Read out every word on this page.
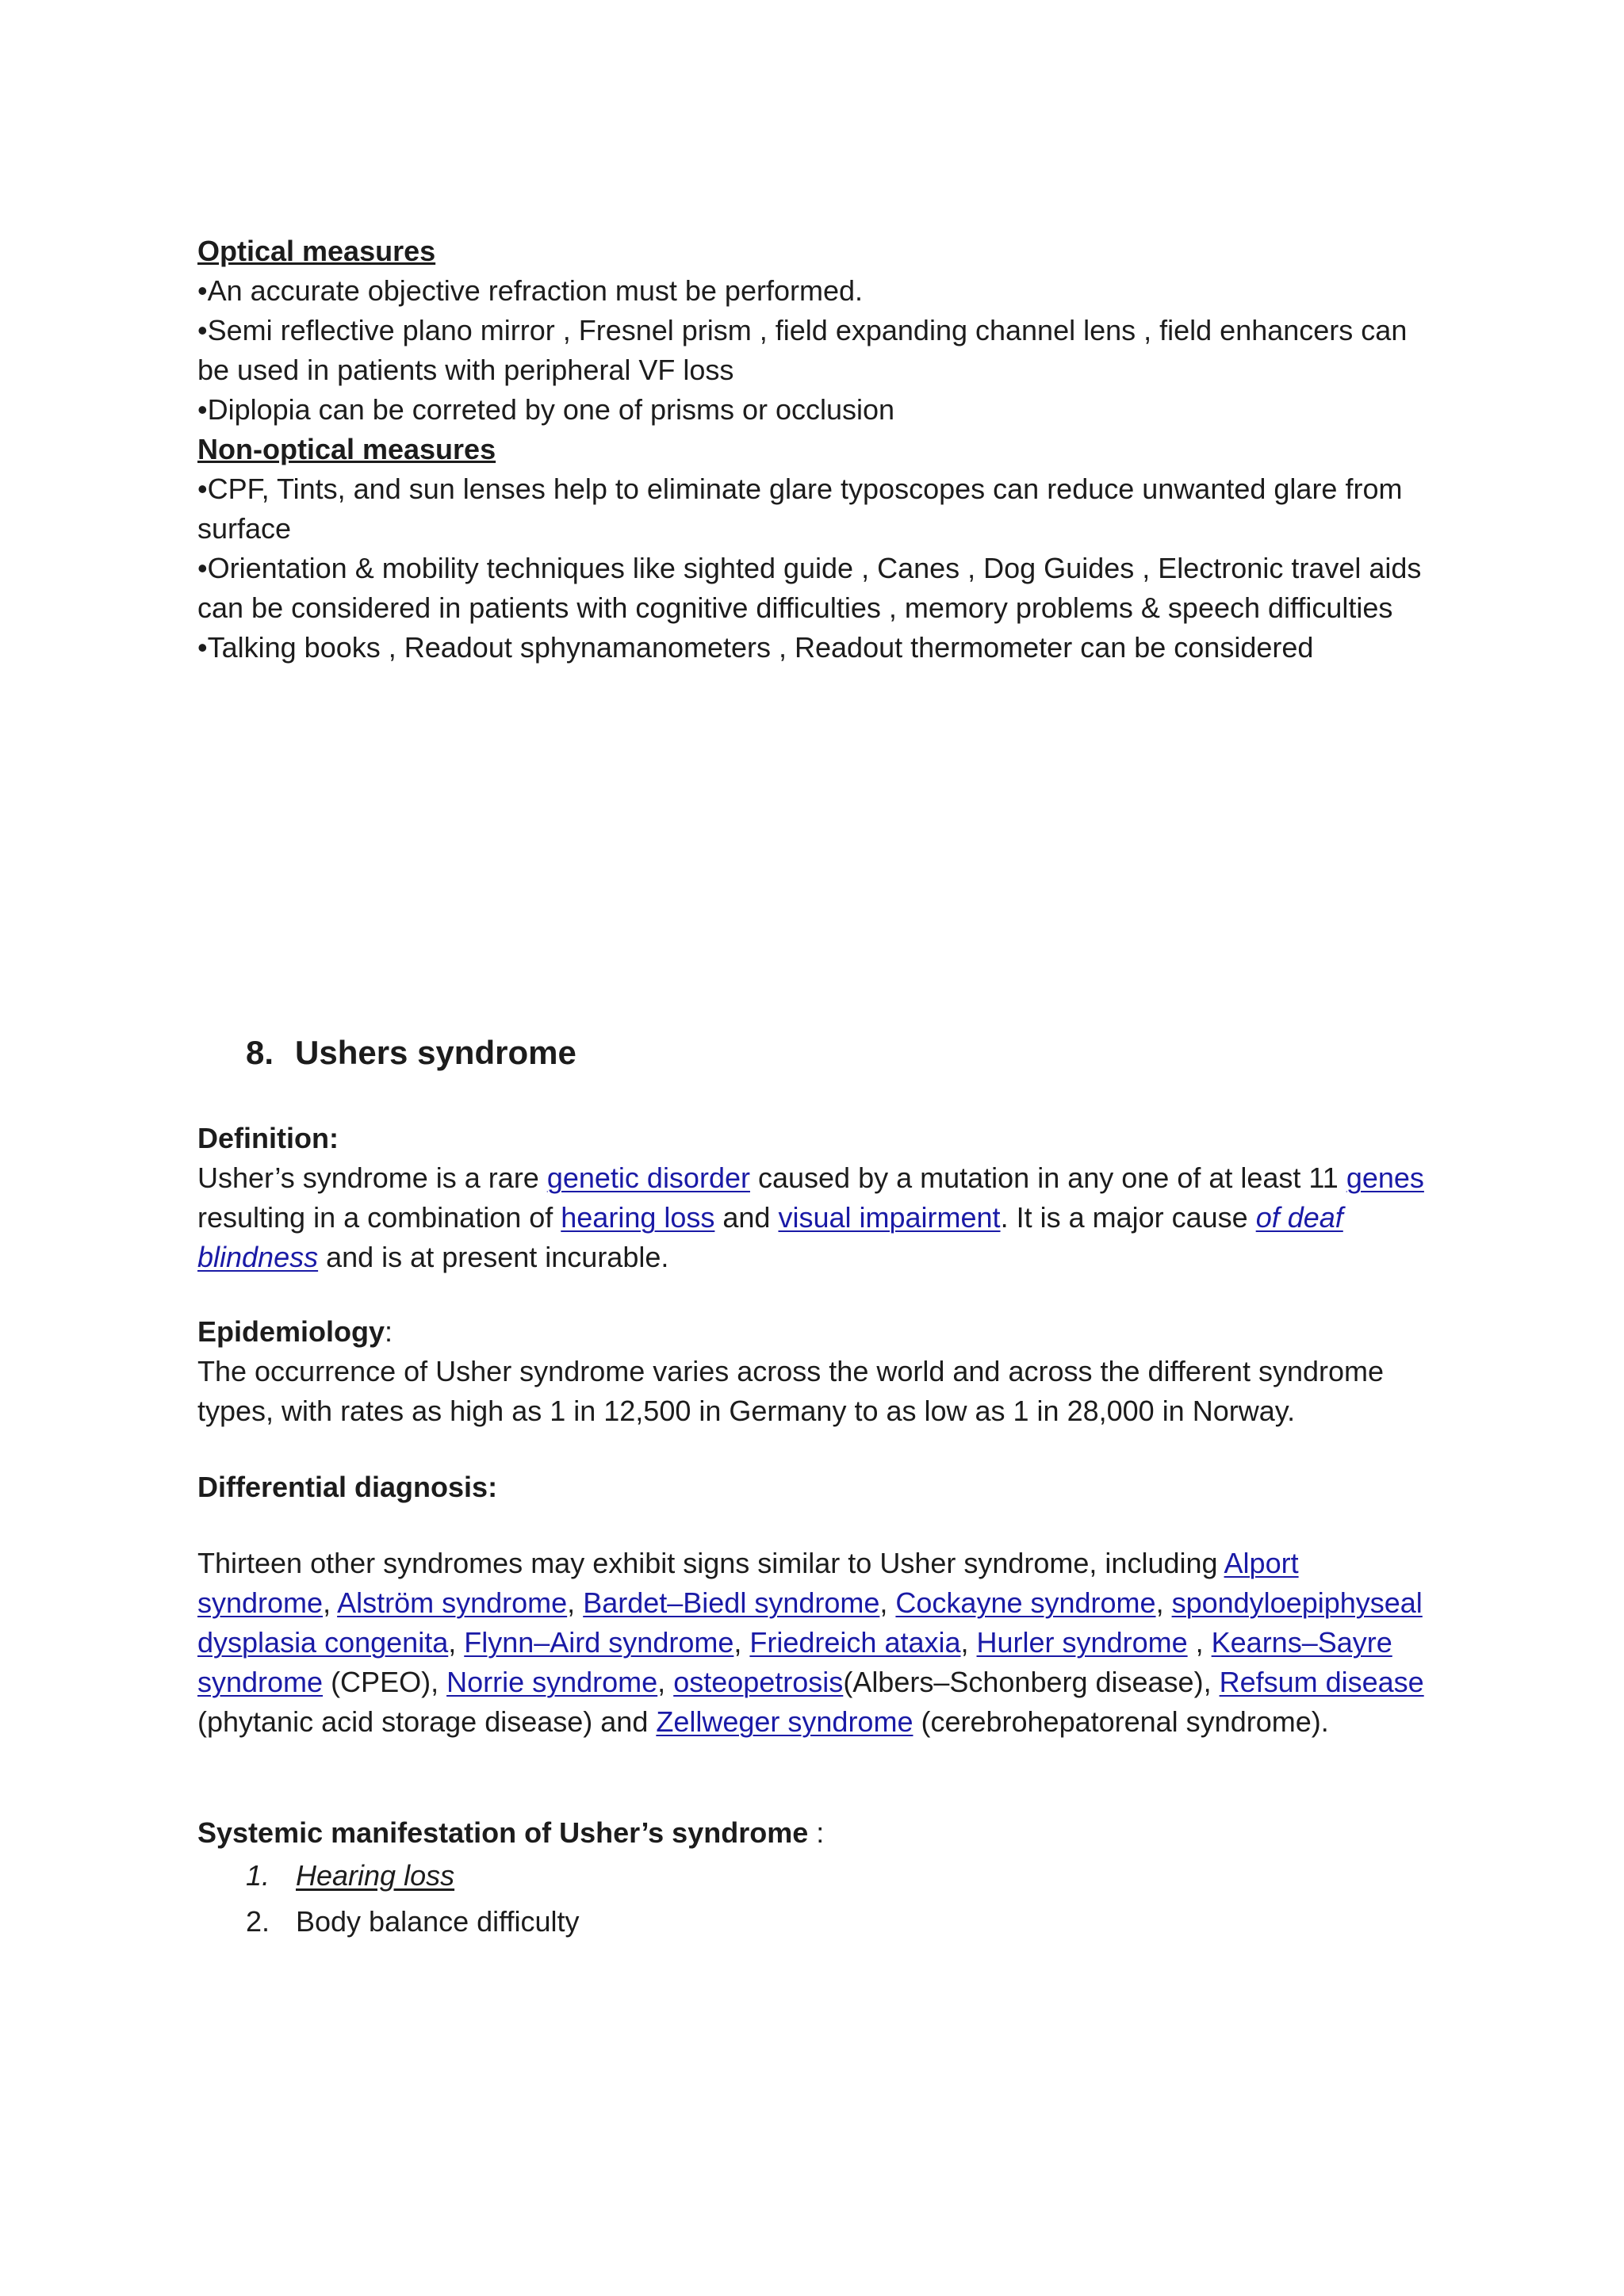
Optical measures

•An accurate objective refraction must be performed.

•Semi reflective plano mirror , Fresnel prism , field expanding channel lens , field enhancers can be used in patients with peripheral VF loss

•Diplopia can be correted by one of prisms or occlusion

Non-optical measures

•CPF, Tints, and sun lenses help to eliminate glare typoscopes can reduce unwanted glare from surface

•Orientation & mobility techniques like sighted guide , Canes , Dog Guides , Electronic travel aids can be considered in patients with cognitive difficulties , memory problems & speech difficulties

•Talking books , Readout sphynamanometers , Readout thermometer can be considered

8. Ushers syndrome

Definition:

Usher’s syndrome is a rare genetic disorder caused by a mutation in any one of at least 11 genes resulting in a combination of hearing loss and visual impairment. It is a major cause of deaf blindness and is at present incurable.

Epidemiology:

The occurrence of Usher syndrome varies across the world and across the different syndrome types, with rates as high as 1 in 12,500 in Germany to as low as 1 in 28,000 in Norway.

Differential diagnosis:

Thirteen other syndromes may exhibit signs similar to Usher syndrome, including Alport syndrome, Alström syndrome, Bardet–Biedl syndrome, Cockayne syndrome, spondyloepiphyseal dysplasia congenita, Flynn–Aird syndrome, Friedreich ataxia, Hurler syndrome , Kearns–Sayre syndrome (CPEO), Norrie syndrome, osteopetrosis(Albers–Schonberg disease), Refsum disease (phytanic acid storage disease) and Zellweger syndrome (cerebrohepatorenal syndrome).

Systemic manifestation of Usher’s syndrome :

1. Hearing loss
2. Body balance difficulty
